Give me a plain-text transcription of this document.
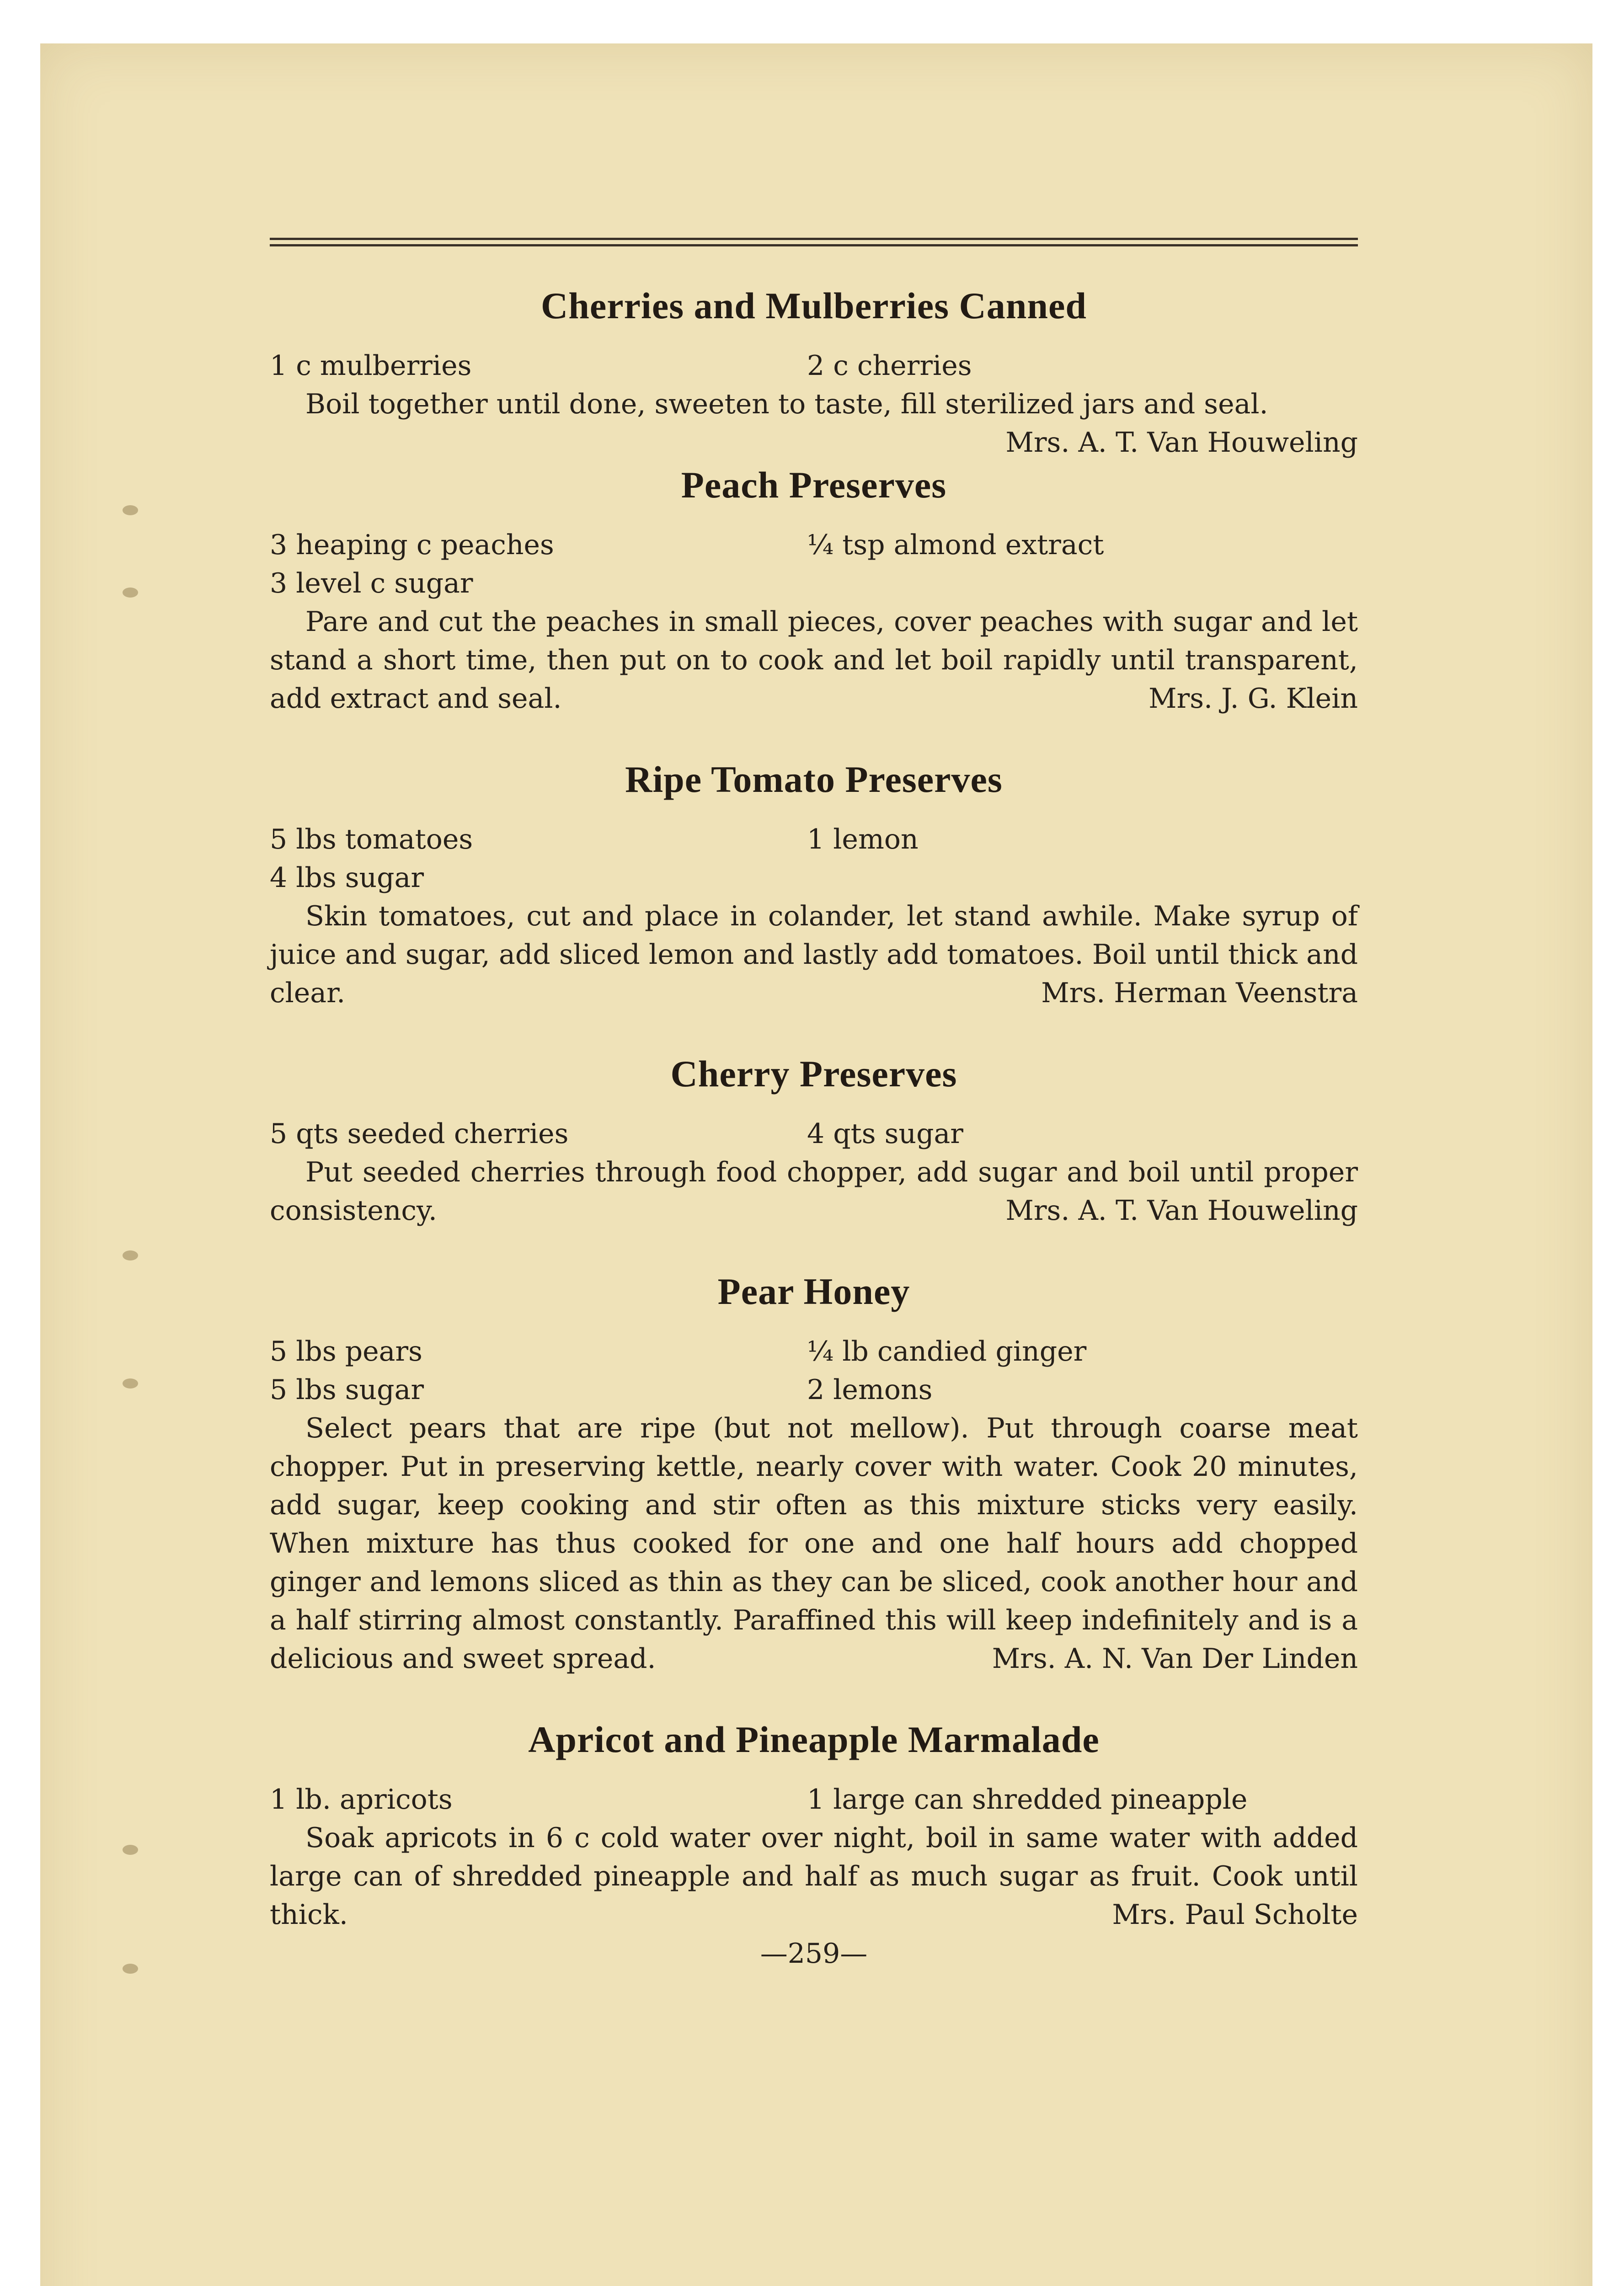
Cherries and Mulberries Canned
1 c mulberries	2 c cherries

Boil together until done, sweeten to taste, fill sterilized jars and seal.
Mrs. A. T. Van Houweling

Peach Preserves
3 heaping c peaches	¼ tsp almond extract
3 level c sugar

Pare and cut the peaches in small pieces, cover peaches with sugar and let stand a short time, then put on to cook and let boil rapidly until transparent, add extract and seal.	Mrs. J. G. Klein

Ripe Tomato Preserves
5 lbs tomatoes	1 lemon
4 lbs sugar

Skin tomatoes, cut and place in colander, let stand awhile. Make syrup of juice and sugar, add sliced lemon and lastly add tomatoes. Boil until thick and clear.	Mrs. Herman Veenstra

Cherry Preserves
5 qts seeded cherries	4 qts sugar

Put seeded cherries through food chopper, add sugar and boil until proper consistency.	Mrs. A. T. Van Houweling

Pear Honey
5 lbs pears	¼ lb candied ginger
5 lbs sugar	2 lemons

Select pears that are ripe (but not mellow). Put through coarse meat chopper. Put in preserving kettle, nearly cover with water. Cook 20 minutes, add sugar, keep cooking and stir often as this mixture sticks very easily. When mixture has thus cooked for one and one half hours add chopped ginger and lemons sliced as thin as they can be sliced, cook another hour and a half stirring almost constantly. Paraffined this will keep indefinitely and is a delicious and sweet spread.	Mrs. A. N. Van Der Linden

Apricot and Pineapple Marmalade
1 lb. apricots	1 large can shredded pineapple

Soak apricots in 6 c cold water over night, boil in same water with added large can of shredded pineapple and half as much sugar as fruit. Cook until thick.	Mrs. Paul Scholte

—259—
